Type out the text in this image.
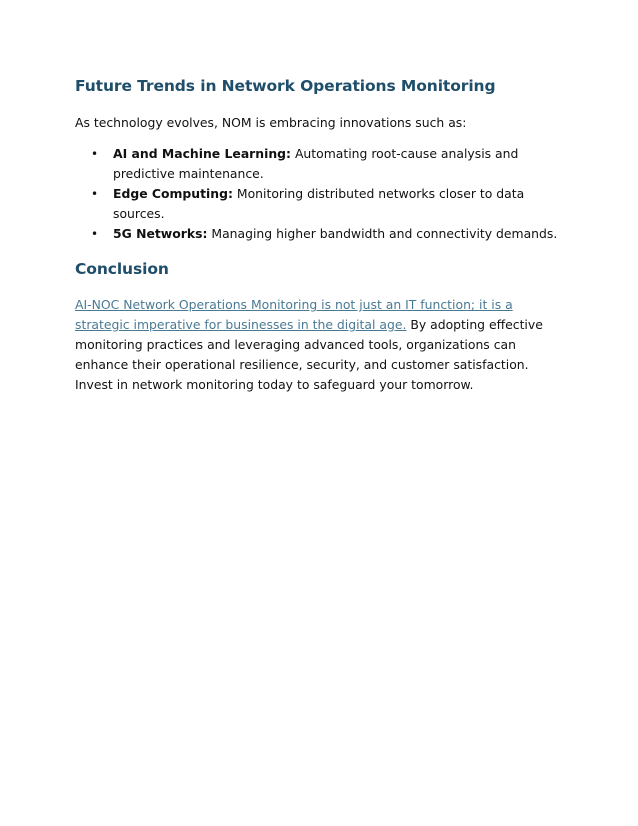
Future Trends in Network Operations Monitoring

As technology evolves, NOM is embracing innovations such as:

• AI and Machine Learning: Automating root-cause analysis and predictive maintenance.
• Edge Computing: Monitoring distributed networks closer to data sources.
• 5G Networks: Managing higher bandwidth and connectivity demands.
Conclusion

AI-NOC Network Operations Monitoring is not just an IT function; it is a strategic imperative for businesses in the digital age. By adopting effective monitoring practices and leveraging advanced tools, organizations can enhance their operational resilience, security, and customer satisfaction. Invest in network monitoring today to safeguard your tomorrow.
